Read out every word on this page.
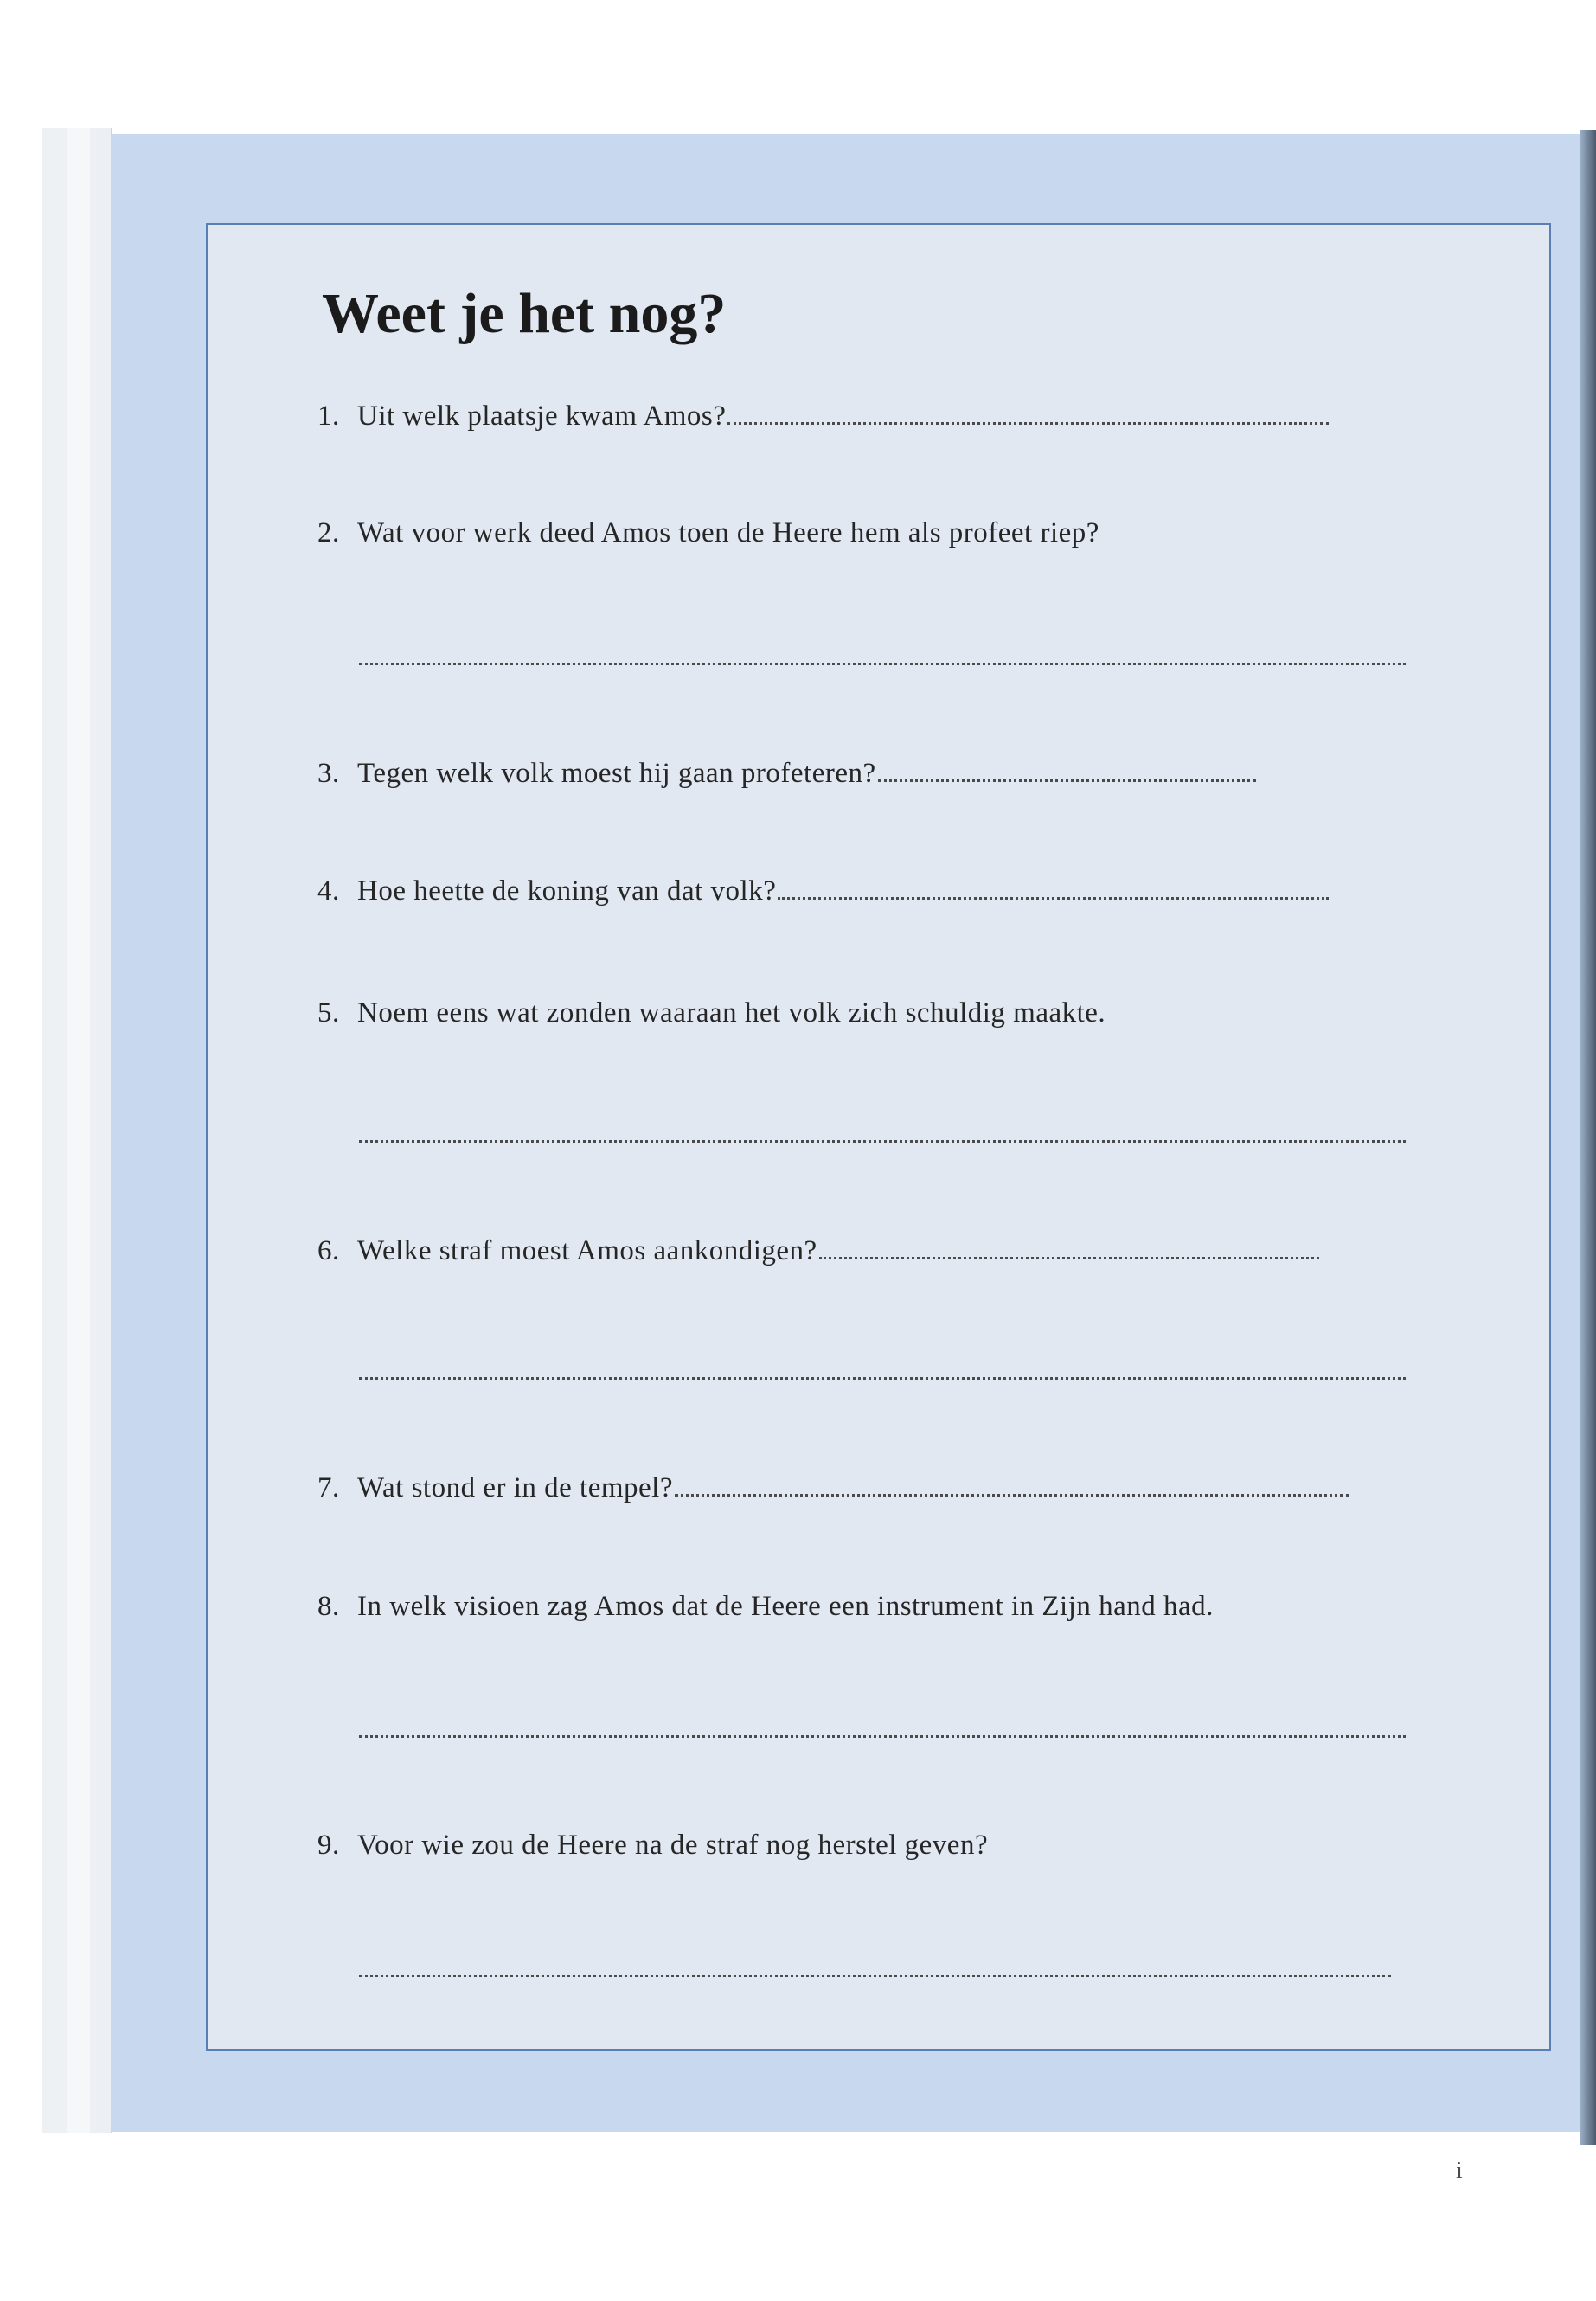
Weet je het nog?
1. Uit welk plaatsje kwam Amos?
2. Wat voor werk deed Amos toen de Heere hem als profeet riep?
3. Tegen welk volk moest hij gaan profeteren?
4. Hoe heette de koning van dat volk?
5. Noem eens wat zonden waaraan het volk zich schuldig maakte.
6. Welke straf moest Amos aankondigen?
7. Wat stond er in de tempel?
8. In welk visioen zag Amos dat de Heere een instrument in Zijn hand had.
9. Voor wie zou de Heere na de straf nog herstel geven?
i
